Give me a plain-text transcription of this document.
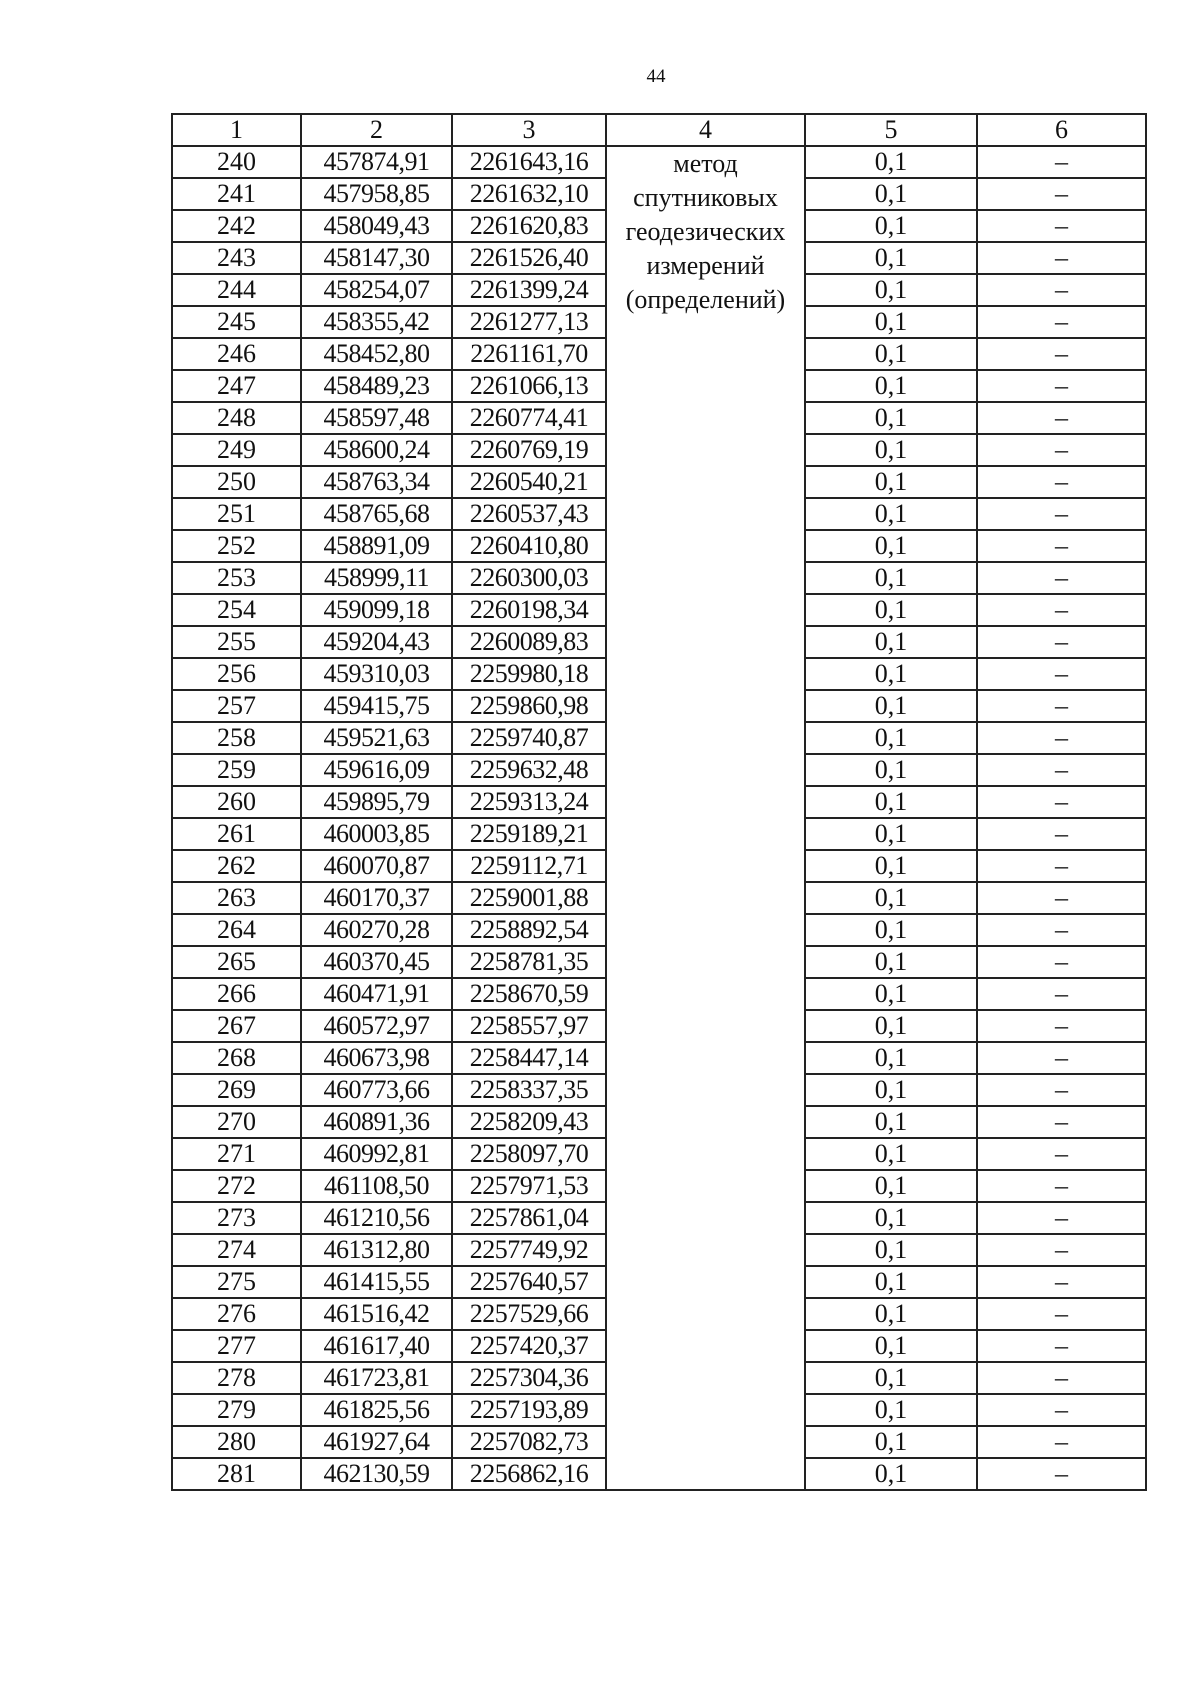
44
1	2	3	4	5	6
240	457874,91	2261643,16	метод
спутниковых
геодезических
измерений
(определений)	0,1	–
241	457958,85	2261632,10		0,1	–
242	458049,43	2261620,83		0,1	–
243	458147,30	2261526,40		0,1	–
244	458254,07	2261399,24		0,1	–
245	458355,42	2261277,13		0,1	–
246	458452,80	2261161,70		0,1	–
247	458489,23	2261066,13		0,1	–
248	458597,48	2260774,41		0,1	–
249	458600,24	2260769,19		0,1	–
250	458763,34	2260540,21		0,1	–
251	458765,68	2260537,43		0,1	–
252	458891,09	2260410,80		0,1	–
253	458999,11	2260300,03		0,1	–
254	459099,18	2260198,34		0,1	–
255	459204,43	2260089,83		0,1	–
256	459310,03	2259980,18		0,1	–
257	459415,75	2259860,98		0,1	–
258	459521,63	2259740,87		0,1	–
259	459616,09	2259632,48		0,1	–
260	459895,79	2259313,24		0,1	–
261	460003,85	2259189,21		0,1	–
262	460070,87	2259112,71		0,1	–
263	460170,37	2259001,88		0,1	–
264	460270,28	2258892,54		0,1	–
265	460370,45	2258781,35		0,1	–
266	460471,91	2258670,59		0,1	–
267	460572,97	2258557,97		0,1	–
268	460673,98	2258447,14		0,1	–
269	460773,66	2258337,35		0,1	–
270	460891,36	2258209,43		0,1	–
271	460992,81	2258097,70		0,1	–
272	461108,50	2257971,53		0,1	–
273	461210,56	2257861,04		0,1	–
274	461312,80	2257749,92		0,1	–
275	461415,55	2257640,57		0,1	–
276	461516,42	2257529,66		0,1	–
277	461617,40	2257420,37		0,1	–
278	461723,81	2257304,36		0,1	–
279	461825,56	2257193,89		0,1	–
280	461927,64	2257082,73		0,1	–
281	462130,59	2256862,16		0,1	–
